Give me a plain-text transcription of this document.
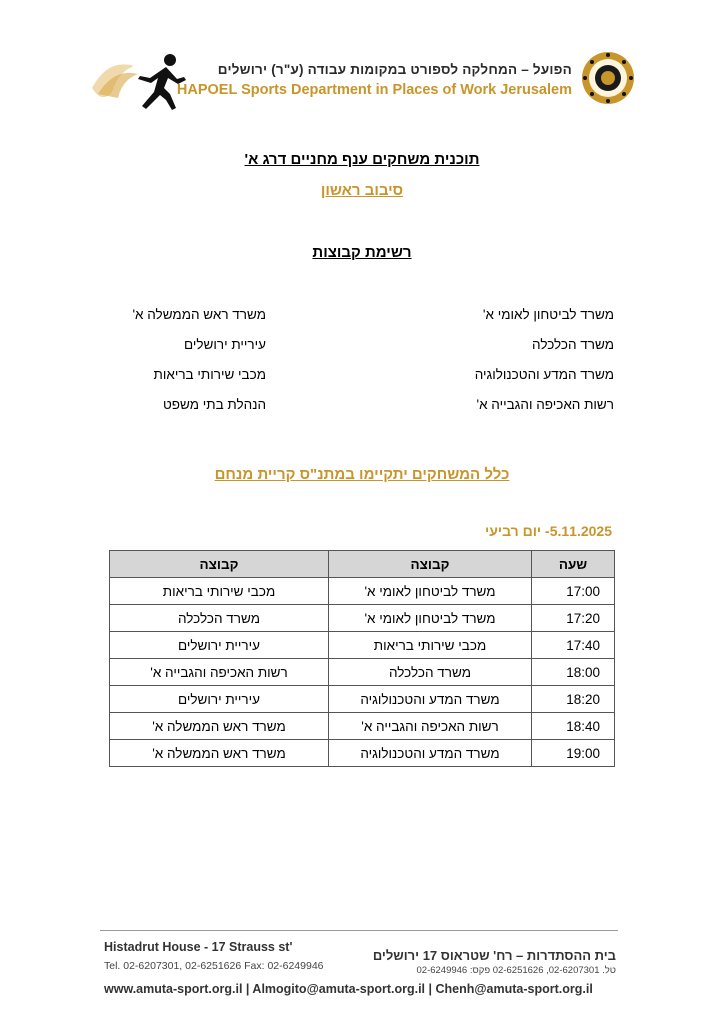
הפועל – המחלקה לספורט במקומות עבודה (ע"ר) ירושלים
HAPOEL Sports Department in Places of Work Jerusalem
תוכנית משחקים ענף מחניים דרג א'
סיבוב ראשון
רשימת קבוצות
משרד לביטחון לאומי א'
משרד הכלכלה
משרד המדע והטכנולוגיה
רשות האכיפה והגבייה א'
משרד ראש הממשלה א'
עיריית ירושלים
מכבי שירותי בריאות
הנהלת בתי משפט
כלל המשחקים יתקיימו במתנ"ס קריית מנחם
5.11.2025- יום רביעי
שעה	קבוצה	קבוצה
17:00	משרד לביטחון לאומי א'	מכבי שירותי בריאות
17:20	משרד לביטחון לאומי א'	משרד הכלכלה
17:40	מכבי שירותי בריאות	עיריית ירושלים
18:00	משרד הכלכלה	רשות האכיפה והגבייה א'
18:20	משרד המדע והטכנולוגיה	עיריית ירושלים
18:40	רשות האכיפה והגבייה א'	משרד ראש הממשלה א'
19:00	משרד המדע והטכנולוגיה	משרד ראש הממשלה א'
Histadrut House - 17 Strauss st'
Tel. 02-6207301, 02-6251626 Fax: 02-6249946
בית ההסתדרות – רח' שטראוס 17 ירושלים
טל. 02-6207301, 02-6251626 פקס: 02-6249946
www.amuta-sport.org.il | Almogito@amuta-sport.org.il | Chenh@amuta-sport.org.il
